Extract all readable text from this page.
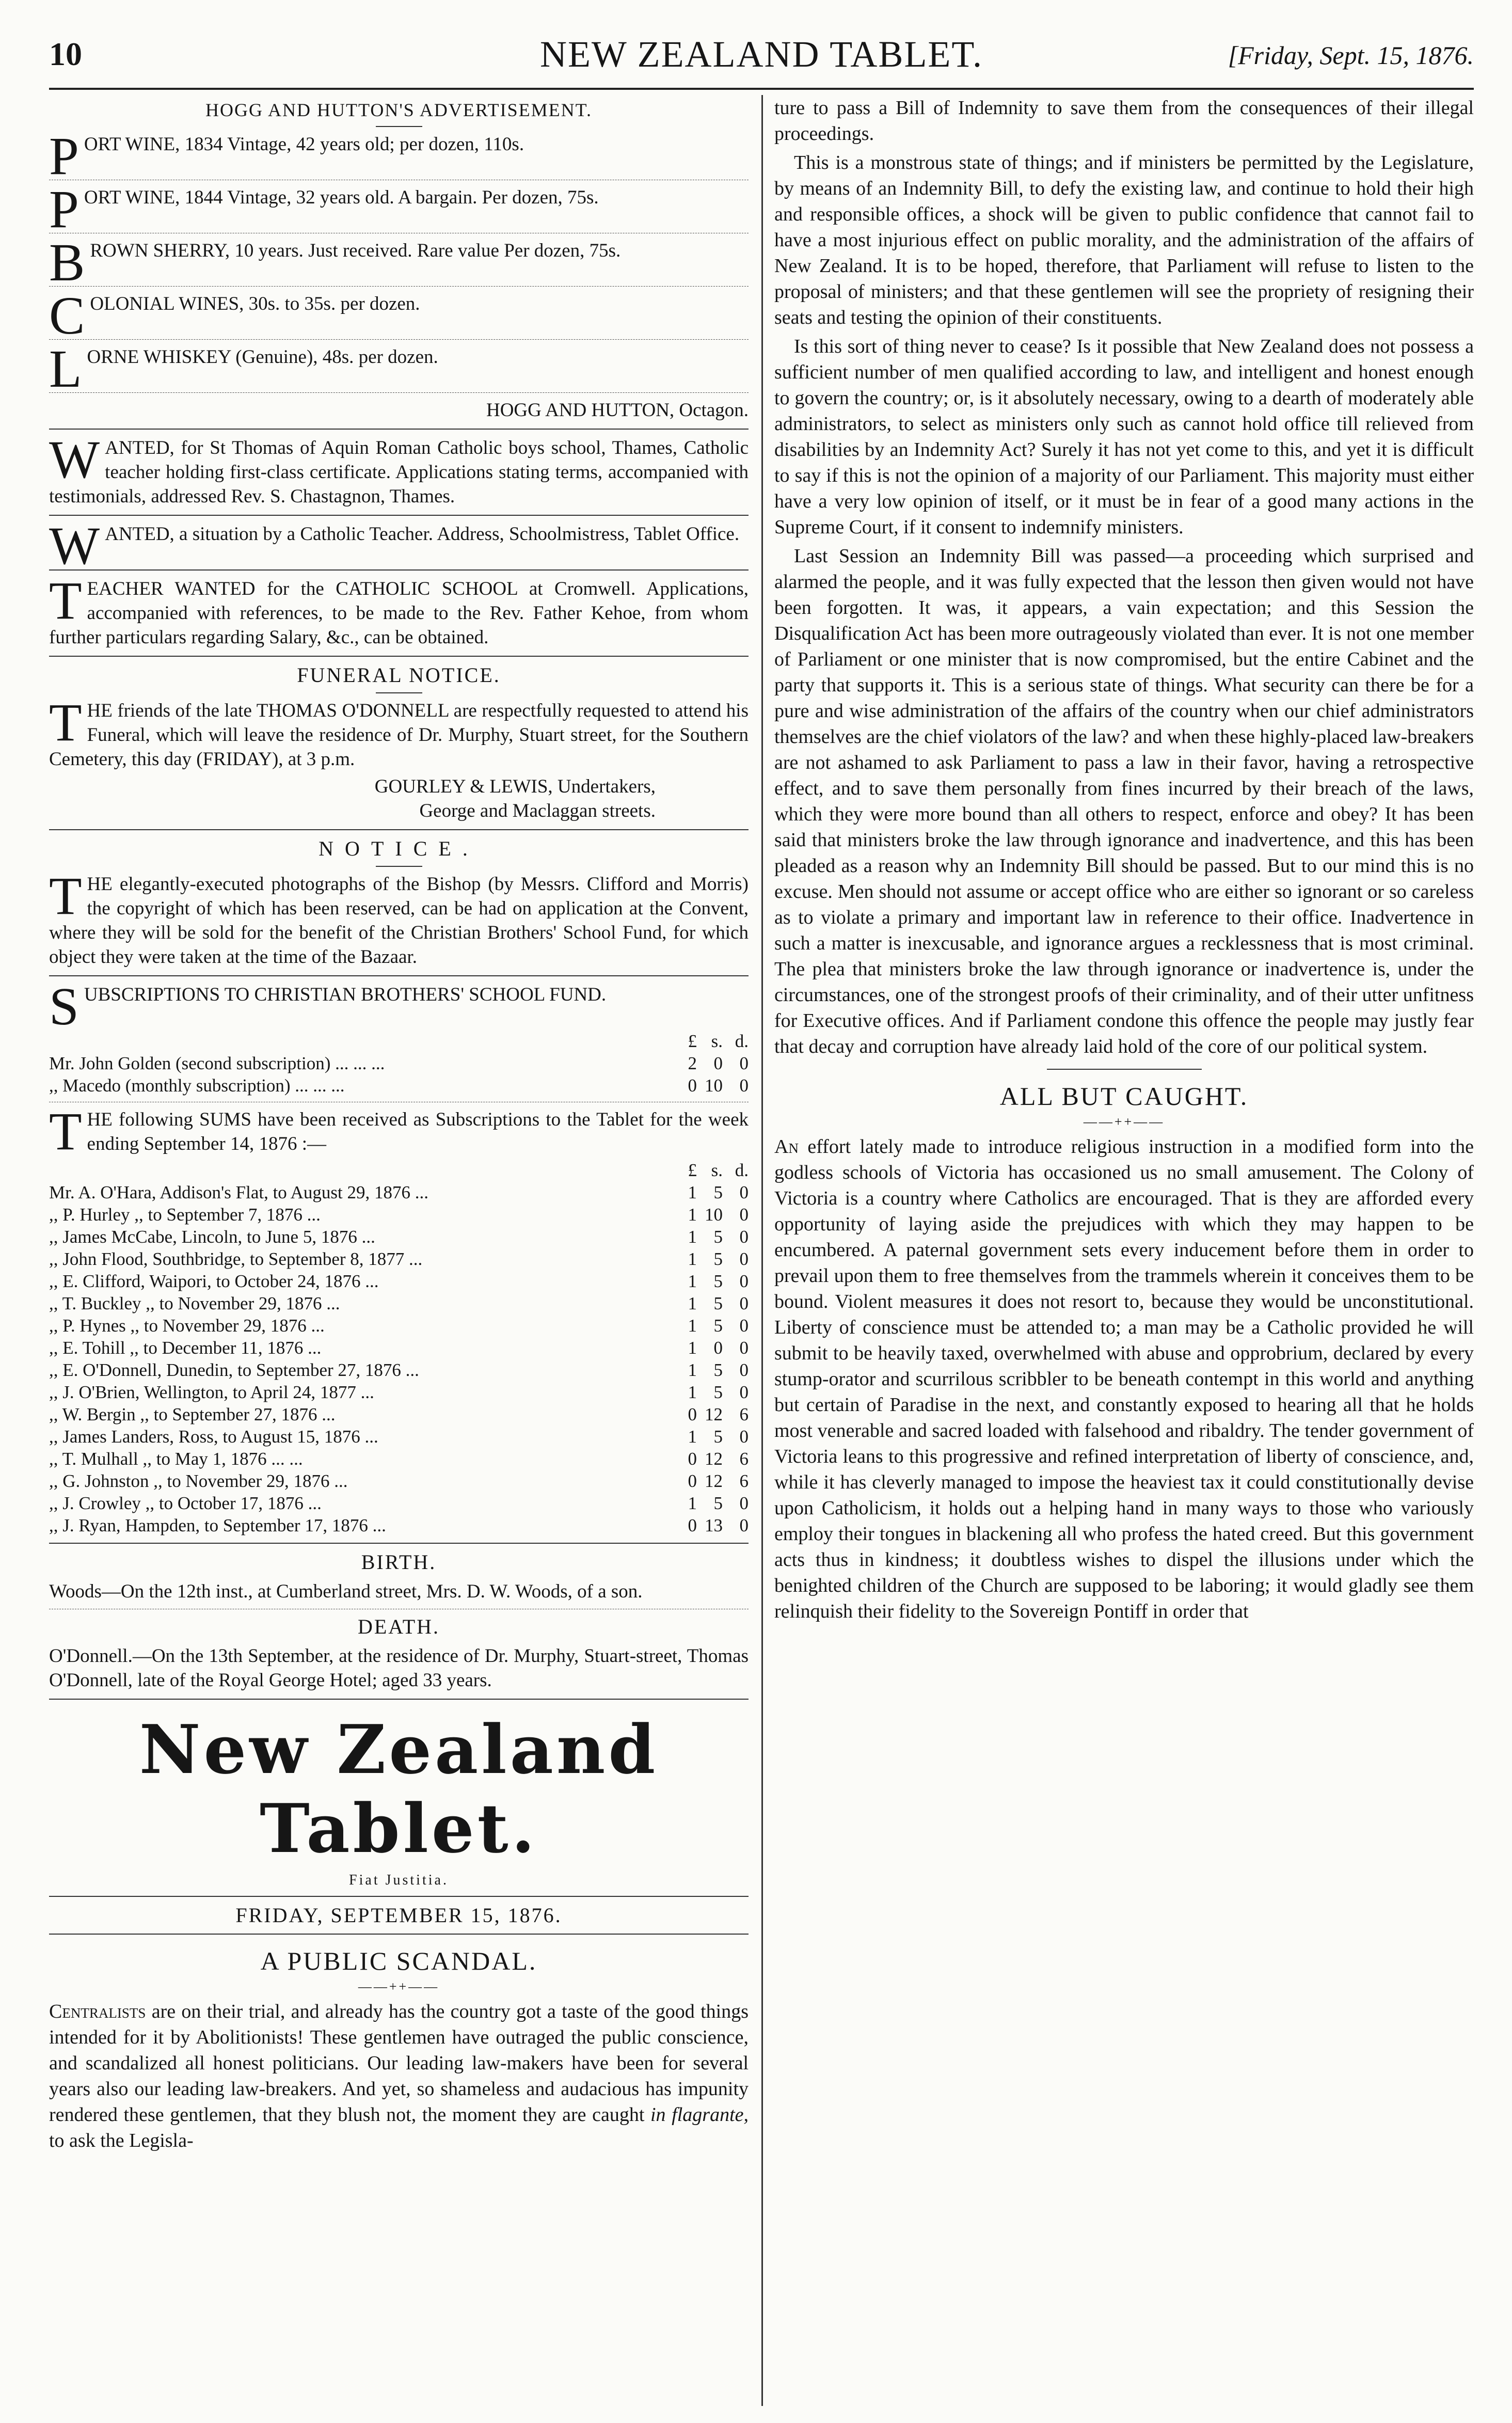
10	NEW ZEALAND TABLET.	[Friday, Sept. 15, 1876.
HOGG AND HUTTON'S ADVERTISEMENT.
PORT WINE, 1834 Vintage, 42 years old; per dozen, 110s.
PORT WINE, 1844 Vintage, 32 years old. A bargain. Per dozen, 75s.
BROWN SHERRY, 10 years. Just received. Rare value Per dozen, 75s.
COLONIAL WINES, 30s. to 35s. per dozen.
LORNE WHISKEY (Genuine), 48s. per dozen.
HOGG AND HUTTON, Octagon.
WANTED, for St Thomas of Aquin Roman Catholic boys school, Thames, Catholic teacher holding first-class certificate. Applications stating terms, accompanied with testimonials, addressed Rev. S. Chastagnon, Thames.
WANTED, a situation by a Catholic Teacher. Address, Schoolmistress, Tablet Office.
TEACHER WANTED for the CATHOLIC SCHOOL at Cromwell. Applications, accompanied with references, to be made to the Rev. Father Kehoe, from whom further particulars regarding Salary, &c., can be obtained.
FUNERAL NOTICE.
THE friends of the late THOMAS O'DONNELL are respectfully requested to attend his Funeral, which will leave the residence of Dr. Murphy, Stuart street, for the Southern Cemetery, this day (FRIDAY), at 3 p.m.
GOURLEY & LEWIS, Undertakers,
George and Maclaggan streets.
NOTICE.
THE elegantly-executed photographs of the Bishop (by Messrs. Clifford and Morris) the copyright of which has been reserved, can be had on application at the Convent, where they will be sold for the benefit of the Christian Brothers' School Fund, for which object they were taken at the time of the Bazaar.
SUBSCRIPTIONS TO CHRISTIAN BROTHERS' SCHOOL FUND.
	£	s.	d.
Mr. John Golden (second subscription) ... ... ...	2	0	0
,, Macedo (monthly subscription) ... ... ...	0	10	0
THE following SUMS have been received as Subscriptions to the Tablet for the week ending September 14, 1876 :—
	£	s.	d.
Mr. A. O'Hara, Addison's Flat, to August 29, 1876 ...	1	5	0
,, P. Hurley ,, to September 7, 1876 ...	1	10	0
,, James McCabe, Lincoln, to June 5, 1876 ...	1	5	0
,, John Flood, Southbridge, to September 8, 1877 ...	1	5	0
,, E. Clifford, Waipori, to October 24, 1876 ...	1	5	0
,, T. Buckley ,, to November 29, 1876 ...	1	5	0
,, P. Hynes ,, to November 29, 1876 ...	1	5	0
,, E. Tohill ,, to December 11, 1876 ...	1	0	0
,, E. O'Donnell, Dunedin, to September 27, 1876 ...	1	5	0
,, J. O'Brien, Wellington, to April 24, 1877 ...	1	5	0
,, W. Bergin ,, to September 27, 1876 ...	0	12	6
,, James Landers, Ross, to August 15, 1876 ...	1	5	0
,, T. Mulhall ,, to May 1, 1876 ... ...	0	12	6
,, G. Johnston ,, to November 29, 1876 ...	0	12	6
,, J. Crowley ,, to October 17, 1876 ...	1	5	0
,, J. Ryan, Hampden, to September 17, 1876 ...	0	13	0
BIRTH.
Woods—On the 12th inst., at Cumberland street, Mrs. D. W. Woods, of a son.
DEATH.
O'Donnell.—On the 13th September, at the residence of Dr. Murphy, Stuart-street, Thomas O'Donnell, late of the Royal George Hotel; aged 33 years.
New Zealand Tablet.
Fiat Justitia.
FRIDAY, SEPTEMBER 15, 1876.
A PUBLIC SCANDAL.
——++——

Centralists are on their trial, and already has the country got a taste of the good things intended for it by Abolitionists! These gentlemen have outraged the public conscience, and scandalized all honest politicians. Our leading law-makers have been for several years also our leading law-breakers. And yet, so shameless and audacious has impunity rendered these gentlemen, that they blush not, the moment they are caught in flagrante, to ask the Legisla-

ture to pass a Bill of Indemnity to save them from the consequences of their illegal proceedings.

This is a monstrous state of things; and if ministers be permitted by the Legislature, by means of an Indemnity Bill, to defy the existing law, and continue to hold their high and responsible offices, a shock will be given to public confidence that cannot fail to have a most injurious effect on public morality, and the administration of the affairs of New Zealand. It is to be hoped, therefore, that Parliament will refuse to listen to the proposal of ministers; and that these gentlemen will see the propriety of resigning their seats and testing the opinion of their constituents.

Is this sort of thing never to cease? Is it possible that New Zealand does not possess a sufficient number of men qualified according to law, and intelligent and honest enough to govern the country; or, is it absolutely necessary, owing to a dearth of moderately able administrators, to select as ministers only such as cannot hold office till relieved from disabilities by an Indemnity Act? Surely it has not yet come to this, and yet it is difficult to say if this is not the opinion of a majority of our Parliament. This majority must either have a very low opinion of itself, or it must be in fear of a good many actions in the Supreme Court, if it consent to indemnify ministers.

Last Session an Indemnity Bill was passed—a proceeding which surprised and alarmed the people, and it was fully expected that the lesson then given would not have been forgotten. It was, it appears, a vain expectation; and this Session the Disqualification Act has been more outrageously violated than ever. It is not one member of Parliament or one minister that is now compromised, but the entire Cabinet and the party that supports it. This is a serious state of things. What security can there be for a pure and wise administration of the affairs of the country when our chief administrators themselves are the chief violators of the law? and when these highly-placed law-breakers are not ashamed to ask Parliament to pass a law in their favor, having a retrospective effect, and to save them personally from fines incurred by their breach of the laws, which they were more bound than all others to respect, enforce and obey? It has been said that ministers broke the law through ignorance and inadvertence, and this has been pleaded as a reason why an Indemnity Bill should be passed. But to our mind this is no excuse. Men should not assume or accept office who are either so ignorant or so careless as to violate a primary and important law in reference to their office. Inadvertence in such a matter is inexcusable, and ignorance argues a recklessness that is most criminal. The plea that ministers broke the law through ignorance or inadvertence is, under the circumstances, one of the strongest proofs of their criminality, and of their utter unfitness for Executive offices. And if Parliament condone this offence the people may justly fear that decay and corruption have already laid hold of the core of our political system.

ALL BUT CAUGHT.
——++——

An effort lately made to introduce religious instruction in a modified form into the godless schools of Victoria has occasioned us no small amusement. The Colony of Victoria is a country where Catholics are encouraged. That is they are afforded every opportunity of laying aside the prejudices with which they may happen to be encumbered. A paternal government sets every inducement before them in order to prevail upon them to free themselves from the trammels wherein it conceives them to be bound. Violent measures it does not resort to, because they would be unconstitutional. Liberty of conscience must be attended to; a man may be a Catholic provided he will submit to be heavily taxed, overwhelmed with abuse and opprobrium, declared by every stump-orator and scurrilous scribbler to be beneath contempt in this world and anything but certain of Paradise in the next, and constantly exposed to hearing all that he holds most venerable and sacred loaded with falsehood and ribaldry. The tender government of Victoria leans to this progressive and refined interpretation of liberty of conscience, and, while it has cleverly managed to impose the heaviest tax it could constitutionally devise upon Catholicism, it holds out a helping hand in many ways to those who variously employ their tongues in blackening all who profess the hated creed. But this government acts thus in kindness; it doubtless wishes to dispel the illusions under which the benighted children of the Church are supposed to be laboring; it would gladly see them relinquish their fidelity to the Sovereign Pontiff in order that
